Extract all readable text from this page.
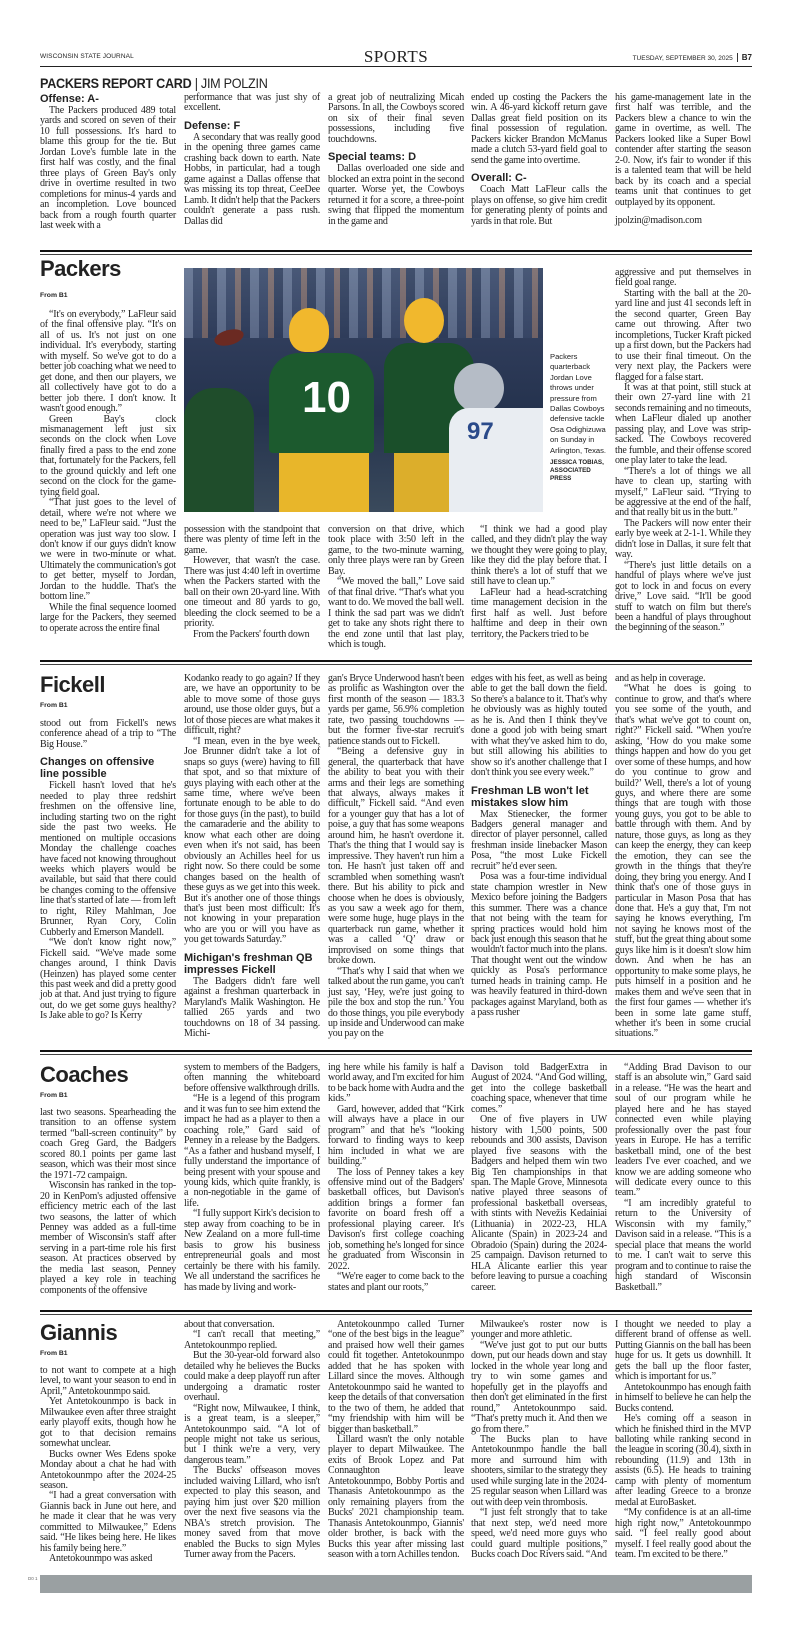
WISCONSIN STATE JOURNAL	SPORTS	TUESDAY, SEPTEMBER 30, 2025 B7
PACKERS REPORT CARD | JIM POLZIN
Offense: A-

The Packers produced 489 total yards and scored on seven of their 10 full possessions. It's hard to blame this group for the tie. But Jordan Love's fumble late in the first half was costly, and the final three plays of Green Bay's only drive in overtime resulted in two completions for minus-4 yards and an incompletion. Love bounced back from a rough fourth quarter last week with a

performance that was just shy of excellent.

Defense: F

A secondary that was really good in the opening three games came crashing back down to earth. Nate Hobbs, in particular, had a tough game against a Dallas offense that was missing its top threat, CeeDee Lamb. It didn't help that the Packers couldn't generate a pass rush. Dallas did

a great job of neutralizing Micah Parsons. In all, the Cowboys scored on six of their final seven possessions, including five touchdowns.

Special teams: D

Dallas overloaded one side and blocked an extra point in the second quarter. Worse yet, the Cowboys returned it for a score, a three-point swing that flipped the momentum in the game and

ended up costing the Packers the win. A 46-yard kickoff return gave Dallas great field position on its final possession of regulation. Packers kicker Brandon McManus made a clutch 53-yard field goal to send the game into overtime.

Overall: C-

Coach Matt LaFleur calls the plays on offense, so give him credit for generating plenty of points and yards in that role. But

his game-management late in the first half was terrible, and the Packers blew a chance to win the game in overtime, as well. The Packers looked like a Super Bowl contender after starting the season 2-0. Now, it's fair to wonder if this is a talented team that will be held back by its coach and a special teams unit that continues to get outplayed by its opponent.

jpolzin@madison.com

Packers
From B1
10
97
Packers quarterback Jordan Love throws under pressure from Dallas Cowboys defensive tackle Osa Odighizuwa on Sunday in Arlington, Texas.
JESSICA TOBIAS, ASSOCIATED PRESS

“It's on everybody,” LaFleur said of the final offensive play. “It's on all of us. It's not just on one individual. It's everybody, starting with myself. So we've got to do a better job coaching what we need to get done, and then our players, we all collectively have got to do a better job there. I don't know. It wasn't good enough.”

Green Bay's clock mismanagement left just six seconds on the clock when Love finally fired a pass to the end zone that, fortunately for the Packers, fell to the ground quickly and left one second on the clock for the game-tying field goal.

“That just goes to the level of detail, where we're not where we need to be,” LaFleur said. “Just the operation was just way too slow. I don't know if our guys didn't know we were in two-minute or what. Ultimately the communication's got to get better, myself to Jordan, Jordan to the huddle. That's the bottom line.”

While the final sequence loomed large for the Packers, they seemed to operate across the entire final

possession with the standpoint that there was plenty of time left in the game.

However, that wasn't the case. There was just 4:40 left in overtime when the Packers started with the ball on their own 20-yard line. With one timeout and 80 yards to go, bleeding the clock seemed to be a priority.

From the Packers' fourth down

conversion on that drive, which took place with 3:50 left in the game, to the two-minute warning, only three plays were ran by Green Bay.

“We moved the ball,” Love said of that final drive. “That's what you want to do. We moved the ball well. I think the sad part was we didn't get to take any shots right there to the end zone until that last play, which is tough.

“I think we had a good play called, and they didn't play the way we thought they were going to play, like they did the play before that. I think there's a lot of stuff that we still have to clean up.”

LaFleur had a head-scratching time management decision in the first half as well. Just before halftime and deep in their own territory, the Packers tried to be

aggressive and put themselves in field goal range.

Starting with the ball at the 20-yard line and just 41 seconds left in the second quarter, Green Bay came out throwing. After two incompletions, Tucker Kraft picked up a first down, but the Packers had to use their final timeout. On the very next play, the Packers were flagged for a false start.

It was at that point, still stuck at their own 27-yard line with 21 seconds remaining and no timeouts, when LaFleur dialed up another passing play, and Love was strip-sacked. The Cowboys recovered the fumble, and their offense scored one play later to take the lead.

“There's a lot of things we all have to clean up, starting with myself,” LaFleur said. “Trying to be aggressive at the end of the half, and that really bit us in the butt.”

The Packers will now enter their early bye week at 2-1-1. While they didn't lose in Dallas, it sure felt that way.

“There's just little details on a handful of plays where we've just got to lock in and focus on every drive,” Love said. “It'll be good stuff to watch on film but there's been a handful of plays throughout the beginning of the season.”

Fickell
From B1

stood out from Fickell's news conference ahead of a trip to “The Big House.”

Changes on offensive line possible

Fickell hasn't loved that he's needed to play three redshirt freshmen on the offensive line, including starting two on the right side the past two weeks. He mentioned on multiple occasions Monday the challenge coaches have faced not knowing throughout weeks which players would be available, but said that there could be changes coming to the offensive line that's started of late — from left to right, Riley Mahlman, Joe Brunner, Ryan Cory, Colin Cubberly and Emerson Mandell.

“We don't know right now,” Fickell said. “We've made some changes around, I think Davis (Heinzen) has played some center this past week and did a pretty good job at that. And just trying to figure out, do we get some guys healthy? Is Jake able to go? Is Kerry

Kodanko ready to go again? If they are, we have an opportunity to be able to move some of those guys around, use those older guys, but a lot of those pieces are what makes it difficult, right?

“I mean, even in the bye week, Joe Brunner didn't take a lot of snaps so guys (were) having to fill that spot, and so that mixture of guys playing with each other at the same time, where we've been fortunate enough to be able to do for those guys (in the past), to build the camaraderie and the ability to know what each other are doing even when it's not said, has been obviously an Achilles heel for us right now. So there could be some changes based on the health of these guys as we get into this week. But it's another one of those things that's just been most difficult: It's not knowing in your preparation who are you or will you have as you get towards Saturday.”

Michigan's freshman QB impresses Fickell

The Badgers didn't fare well against a freshman quarterback in Maryland's Malik Washington. He tallied 265 yards and two touchdowns on 18 of 34 passing. Michi-

gan's Bryce Underwood hasn't been as prolific as Washington over the first month of the season — 183.3 yards per game, 56.9% completion rate, two passing touchdowns — but the former five-star recruit's patience stands out to Fickell.

“Being a defensive guy in general, the quarterback that have the ability to beat you with their arms and their legs are something that always, always makes it difficult,” Fickell said. “And even for a younger guy that has a lot of poise, a guy that has some weapons around him, he hasn't overdone it. That's the thing that I would say is impressive. They haven't run him a ton. He hasn't just taken off and scrambled when something wasn't there. But his ability to pick and choose when he does is obviously, as you saw a week ago for them, were some huge, huge plays in the quarterback run game, whether it was a called ‘Q’ draw or improvised on some things that broke down.

“That's why I said that when we talked about the run game, you can't just say, ‘Hey, we're just going to pile the box and stop the run.’ You do those things, you pile everybody up inside and Underwood can make you pay on the

edges with his feet, as well as being able to get the ball down the field. So there's a balance to it. That's why he obviously was as highly touted as he is. And then I think they've done a good job with being smart with what they've asked him to do, but still allowing his abilities to show so it's another challenge that I don't think you see every week.”

Freshman LB won't let mistakes slow him

Max Stienecker, the former Badgers general manager and director of player personnel, called freshman inside linebacker Mason Posa, “the most Luke Fickell recruit” he'd ever seen.

Posa was a four-time individual state champion wrestler in New Mexico before joining the Badgers this summer. There was a chance that not being with the team for spring practices would hold him back just enough this season that he wouldn't factor much into the plans. That thought went out the window quickly as Posa's performance turned heads in training camp. He was heavily featured in third-down packages against Maryland, both as a pass rusher

and as help in coverage.

“What he does is going to continue to grow, and that's where you see some of the youth, and that's what we've got to count on, right?” Fickell said. “When you're asking, ‘How do you make some things happen and how do you get over some of these humps, and how do you continue to grow and build?’ Well, there's a lot of young guys, and where there are some things that are tough with those young guys, you got to be able to battle through with them. And by nature, those guys, as long as they can keep the energy, they can keep the emotion, they can see the growth in the things that they're doing, they bring you energy. And I think that's one of those guys in particular in Mason Posa that has done that. He's a guy that, I'm not saying he knows everything, I'm not saying he knows most of the stuff, but the great thing about some guys like him is it doesn't slow him down. And when he has an opportunity to make some plays, he puts himself in a position and he makes them and we've seen that in the first four games — whether it's been in some late game stuff, whether it's been in some crucial situations.”

Coaches
From B1

last two seasons. Spearheading the transition to an offense system termed “ball-screen continuity” by coach Greg Gard, the Badgers scored 80.1 points per game last season, which was their most since the 1971-72 campaign.

Wisconsin has ranked in the top-20 in KenPom's adjusted offensive efficiency metric each of the last two seasons, the latter of which Penney was added as a full-time member of Wisconsin's staff after serving in a part-time role his first season. At practices observed by the media last season, Penney played a key role in teaching components of the offensive

system to members of the Badgers, often manning the whiteboard before offensive walkthrough drills.

“He is a legend of this program and it was fun to see him extend the impact he had as a player to then a coaching role,” Gard said of Penney in a release by the Badgers. “As a father and husband myself, I fully understand the importance of being present with your spouse and young kids, which quite frankly, is a non-negotiable in the game of life.

“I fully support Kirk's decision to step away from coaching to be in New Zealand on a more full-time basis to grow his business entrepreneurial goals and most certainly be there with his family. We all understand the sacrifices he has made by living and work-

ing here while his family is half a world away, and I'm excited for him to be back home with Audra and the kids.”

Gard, however, added that “Kirk will always have a place in our program” and that he's “looking forward to finding ways to keep him included in what we are building.”

The loss of Penney takes a key offensive mind out of the Badgers' basketball offices, but Davison's addition brings a former fan favorite on board fresh off a professional playing career. It's Davison's first college coaching job, something he's longed for since he graduated from Wisconsin in 2022.

“We're eager to come back to the states and plant our roots,”

Davison told BadgerExtra in August of 2024. “And God willing, get into the college basketball coaching space, whenever that time comes.”

One of five players in UW history with 1,500 points, 500 rebounds and 300 assists, Davison played five seasons with the Badgers and helped them win two Big Ten championships in that span. The Maple Grove, Minnesota native played three seasons of professional basketball overseas, with stints with Nevežis Kedainiai (Lithuania) in 2022-23, HLA Alicante (Spain) in 2023-24 and Obradoio (Spain) during the 2024-25 campaign. Davison returned to HLA Alicante earlier this year before leaving to pursue a coaching career.

“Adding Brad Davison to our staff is an absolute win,” Gard said in a release. “He was the heart and soul of our program while he played here and he has stayed connected even while playing professionally over the past four years in Europe. He has a terrific basketball mind, one of the best leaders I've ever coached, and we know we are adding someone who will dedicate every ounce to this team.”

“I am incredibly grateful to return to the University of Wisconsin with my family,” Davison said in a release. “This is a special place that means the world to me. I can't wait to serve this program and to continue to raise the high standard of Wisconsin Basketball.”

Giannis
From B1

to not want to compete at a high level, to want your season to end in April,” Antetokounmpo said.

Yet Antetokounmpo is back in Milwaukee even after three straight early playoff exits, though how he got to that decision remains somewhat unclear.

Bucks owner Wes Edens spoke Monday about a chat he had with Antetokounmpo after the 2024-25 season.

“I had a great conversation with Giannis back in June out here, and he made it clear that he was very committed to Milwaukee,” Edens said. “He likes being here. He likes his family being here.”

Antetokounmpo was asked

about that conversation.

“I can't recall that meeting,” Antetokounmpo replied.

But the 30-year-old forward also detailed why he believes the Bucks could make a deep playoff run after undergoing a dramatic roster overhaul.

“Right now, Milwaukee, I think, is a great team, is a sleeper,” Antetokounmpo said. “A lot of people might not take us serious, but I think we're a very, very dangerous team.”

The Bucks' offseason moves included waiving Lillard, who isn't expected to play this season, and paying him just over $20 million over the next five seasons via the NBA's stretch provision. The money saved from that move enabled the Bucks to sign Myles Turner away from the Pacers.

Antetokounmpo called Turner “one of the best bigs in the league” and praised how well their games could fit together. Antetokounmpo added that he has spoken with Lillard since the moves. Although Antetokounmpo said he wanted to keep the details of that conversation to the two of them, he added that “my friendship with him will be bigger than basketball.”

Lillard wasn't the only notable player to depart Milwaukee. The exits of Brook Lopez and Pat Connaughton leave Antetokounmpo, Bobby Portis and Thanasis Antetokounmpo as the only remaining players from the Bucks' 2021 championship team. Thanasis Antetokounmpo, Giannis' older brother, is back with the Bucks this year after missing last season with a torn Achilles tendon.

Milwaukee's roster now is younger and more athletic.

“We've just got to put our butts down, put our heads down and stay locked in the whole year long and try to win some games and hopefully get in the playoffs and then don't get eliminated in the first round,” Antetokounmpo said. “That's pretty much it. And then we go from there.”

The Bucks plan to have Antetokounmpo handle the ball more and surround him with shooters, similar to the strategy they used while surging late in the 2024-25 regular season when Lillard was out with deep vein thrombosis.

“I just felt strongly that to take that next step, we'd need more speed, we'd need more guys who could guard multiple positions,” Bucks coach Doc Rivers said. “And

I thought we needed to play a different brand of offense as well. Putting Giannis on the ball has been huge for us. It gets us downhill. It gets the ball up the floor faster, which is important for us.”

Antetokounmpo has enough faith in himself to believe he can help the Bucks contend.

He's coming off a season in which he finished third in the MVP balloting while ranking second in the league in scoring (30.4), sixth in rebounding (11.9) and 13th in assists (6.5). He heads to training camp with plenty of momentum after leading Greece to a bronze medal at EuroBasket.

“My confidence is at an all-time high right now,” Antetokounmpo said. “I feel really good about myself. I feel really good about the team. I'm excited to be there.”

D0 1
